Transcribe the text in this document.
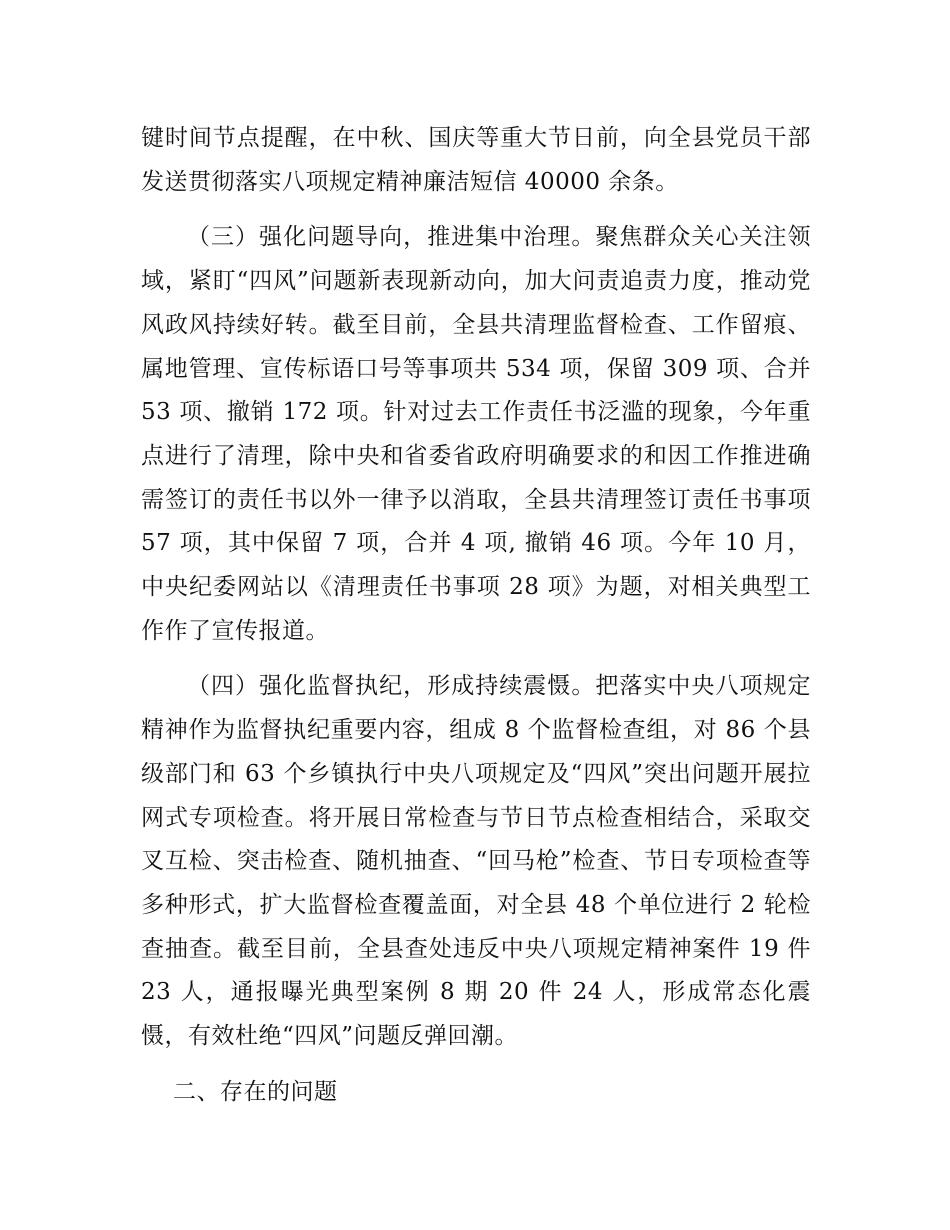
键时间节点提醒，在中秋、国庆等重大节日前，向全县党员干部发送贯彻落实八项规定精神廉洁短信 40000 余条。

（三）强化问题导向，推进集中治理。聚焦群众关心关注领域，紧盯“四风”问题新表现新动向，加大问责追责力度，推动党风政风持续好转。截至目前，全县共清理监督检查、工作留痕、属地管理、宣传标语口号等事项共 534 项，保留 309 项、合并 53 项、撤销 172 项。针对过去工作责任书泛滥的现象，今年重点进行了清理，除中央和省委省政府明确要求的和因工作推进确需签订的责任书以外一律予以消取，全县共清理签订责任书事项 57 项，其中保留 7 项，合并 4 项, 撤销 46 项。今年 10 月，中央纪委网站以《清理责任书事项 28 项》为题，对相关典型工作作了宣传报道。

（四）强化监督执纪，形成持续震慑。把落实中央八项规定精神作为监督执纪重要内容，组成 8 个监督检查组，对 86 个县级部门和 63 个乡镇执行中央八项规定及“四风”突出问题开展拉网式专项检查。将开展日常检查与节日节点检查相结合，采取交叉互检、突击检查、随机抽查、“回马枪”检查、节日专项检查等多种形式，扩大监督检查覆盖面，对全县 48 个单位进行 2 轮检查抽查。截至目前，全县查处违反中央八项规定精神案件 19 件 23 人，通报曝光典型案例 8 期 20 件 24 人，形成常态化震慑，有效杜绝“四风”问题反弹回潮。

二、存在的问题
